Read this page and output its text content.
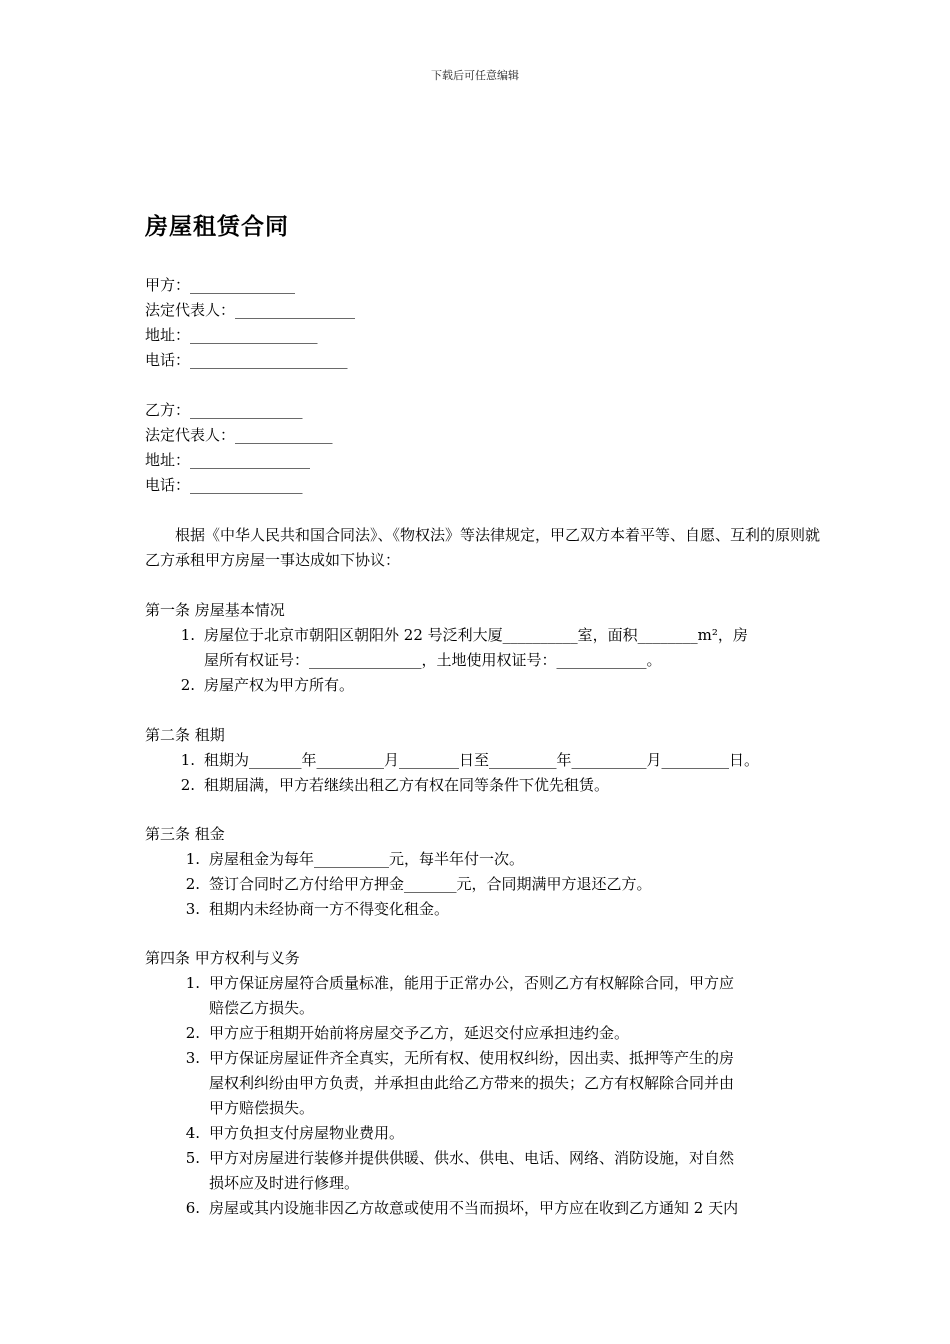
下载后可任意编辑
房屋租赁合同
甲方：______________
法定代表人：________________
地址：_________________
电话：_____________________
乙方：_______________
法定代表人：_____________
地址：________________
电话：_______________
根据《中华人民共和国合同法》、《物权法》等法律规定，甲乙双方本着平等、自愿、互利的原则就乙方承租甲方房屋一事达成如下协议：
第一条 房屋基本情况
1. 房屋位于北京市朝阳区朝阳外 22 号泛利大厦__________室，面积________m²，房
屋所有权证号：_______________，土地使用权证号：____________。
2. 房屋产权为甲方所有。
第二条 租期
1. 租期为_______年_________月________日至_________年__________月_________日。
2. 租期届满，甲方若继续出租乙方有权在同等条件下优先租赁。
第三条 租金
1. 房屋租金为每年__________元，每半年付一次。
2. 签订合同时乙方付给甲方押金_______元，合同期满甲方退还乙方。
3. 租期内未经协商一方不得变化租金。
第四条 甲方权利与义务
1. 甲方保证房屋符合质量标准，能用于正常办公，否则乙方有权解除合同，甲方应
赔偿乙方损失。
2. 甲方应于租期开始前将房屋交予乙方，延迟交付应承担违约金。
3. 甲方保证房屋证件齐全真实，无所有权、使用权纠纷，因出卖、抵押等产生的房
屋权利纠纷由甲方负责，并承担由此给乙方带来的损失；乙方有权解除合同并由
甲方赔偿损失。
4. 甲方负担支付房屋物业费用。
5. 甲方对房屋进行装修并提供供暖、供水、供电、电话、网络、消防设施，对自然
损坏应及时进行修理。
6. 房屋或其内设施非因乙方故意或使用不当而损坏，甲方应在收到乙方通知 2 天内
